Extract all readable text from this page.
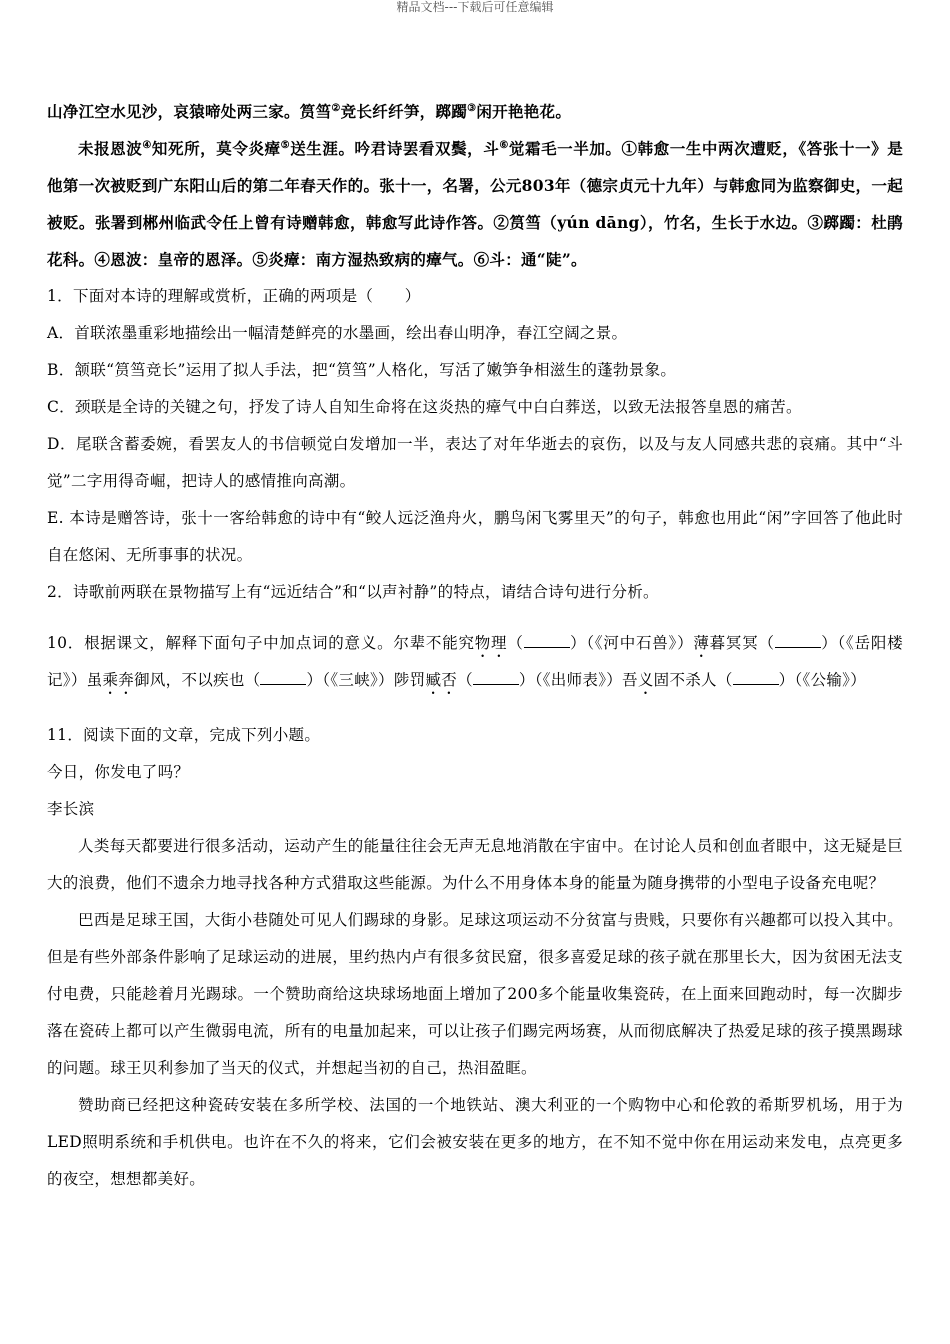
精品文档---下载后可任意编辑

山净江空水见沙，哀猿啼处两三家。筼筜②竞长纤纤笋，踯躅③闲开艳艳花。

未报恩波④知死所，莫令炎瘴⑤送生涯。吟君诗罢看双鬓，斗⑥觉霜毛一半加。①韩愈一生中两次遭贬，《答张十一》是他第一次被贬到广东阳山后的第二年春天作的。张十一，名署，公元803年（德宗贞元十九年）与韩愈同为监察御史，一起被贬。张署到郴州临武令任上曾有诗赠韩愈，韩愈写此诗作答。②筼筜（yún dāng），竹名，生长于水边。③踯躅：杜鹃花科。④恩波：皇帝的恩泽。⑤炎瘴：南方湿热致病的瘴气。⑥斗：通“陡”。

1．下面对本诗的理解或赏析，正确的两项是（　　）

A．首联浓墨重彩地描绘出一幅清楚鲜亮的水墨画，绘出春山明净，春江空阔之景。

B．颔联“筼筜竞长”运用了拟人手法，把“筼筜”人格化，写活了嫩笋争相滋生的蓬勃景象。

C．颈联是全诗的关键之句，抒发了诗人自知生命将在这炎热的瘴气中白白葬送，以致无法报答皇恩的痛苦。

D．尾联含蓄委婉，看罢友人的书信顿觉白发增加一半，表达了对年华逝去的哀伤，以及与友人同感共悲的哀痛。其中“斗觉”二字用得奇崛，把诗人的感情推向高潮。

E. 本诗是赠答诗，张十一客给韩愈的诗中有“鲛人远泛渔舟火，鹏鸟闲飞雾里天”的句子，韩愈也用此“闲”字回答了他此时自在悠闲、无所事事的状况。

2．诗歌前两联在景物描写上有“远近结合”和“以声衬静”的特点，请结合诗句进行分析。

10．根据课文，解释下面句子中加点词的意义。尔辈不能究物理（	）（《河中石兽》）薄暮冥冥（	）（《岳阳楼记》）虽乘奔御风，不以疾也（	）（《三峡》）陟罚臧否（	）（《出师表》）吾义固不杀人（	）（《公输》）

11．阅读下面的文章，完成下列小题。

今日，你发电了吗？

李长滨

人类每天都要进行很多活动，运动产生的能量往往会无声无息地消散在宇宙中。在讨论人员和创血者眼中，这无疑是巨大的浪费，他们不遗余力地寻找各种方式猎取这些能源。为什么不用身体本身的能量为随身携带的小型电子设备充电呢？

巴西是足球王国，大街小巷随处可见人们踢球的身影。足球这项运动不分贫富与贵贱，只要你有兴趣都可以投入其中。但是有些外部条件影响了足球运动的进展，里约热内卢有很多贫民窟，很多喜爱足球的孩子就在那里长大，因为贫困无法支付电费，只能趁着月光踢球。一个赞助商给这块球场地面上增加了200多个能量收集瓷砖，在上面来回跑动时，每一次脚步落在瓷砖上都可以产生微弱电流，所有的电量加起来，可以让孩子们踢完两场赛，从而彻底解决了热爱足球的孩子摸黑踢球的问题。球王贝利参加了当天的仪式，并想起当初的自己，热泪盈眶。

赞助商已经把这种瓷砖安装在多所学校、法国的一个地铁站、澳大利亚的一个购物中心和伦敦的希斯罗机场，用于为LED照明系统和手机供电。也许在不久的将来，它们会被安装在更多的地方，在不知不觉中你在用运动来发电，点亮更多的夜空，想想都美好。
